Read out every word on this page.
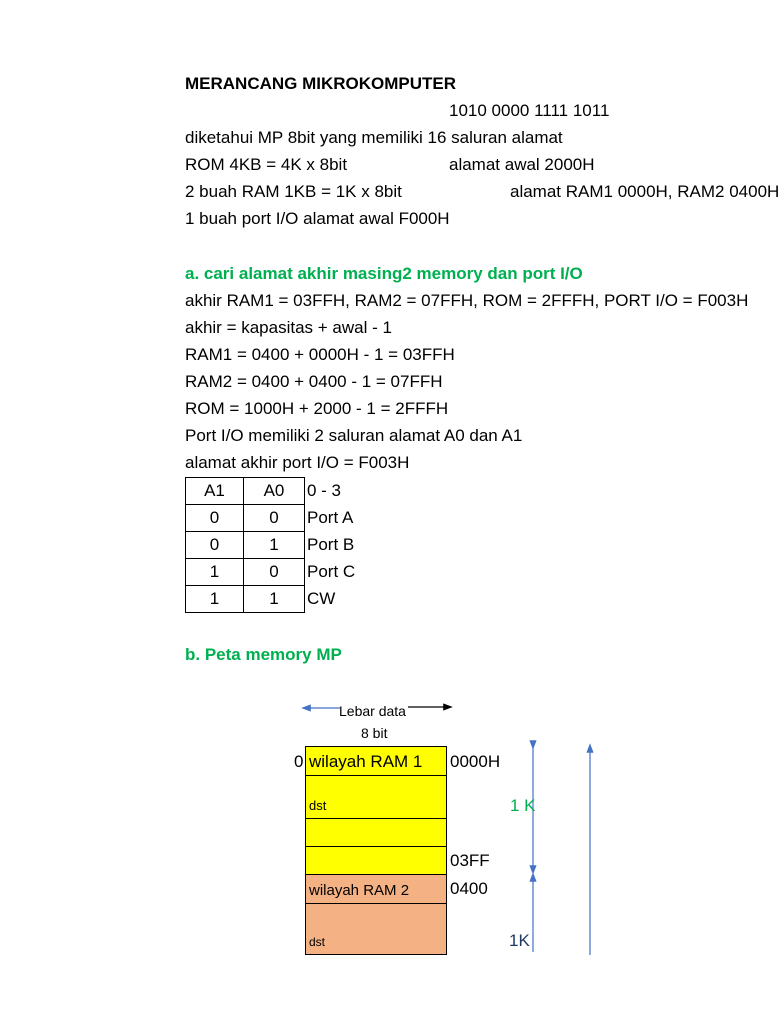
MERANCANG MIKROKOMPUTER
1010 0000 1111 1011
diketahui MP 8bit yang memiliki 16 saluran alamat
ROM 4KB = 4K x 8bit	alamat awal 2000H
2 buah RAM 1KB = 1K x 8bit	alamat RAM1 0000H, RAM2 0400H
1 buah port I/O alamat awal F000H
a. cari alamat akhir masing2 memory dan port I/O
akhir RAM1 = 03FFH, RAM2 = 07FFH, ROM = 2FFFH, PORT I/O = F003H
akhir = kapasitas + awal - 1
RAM1 = 0400 + 0000H - 1 = 03FFH
RAM2 = 0400 + 0400 - 1 = 07FFH
ROM = 1000H + 2000 - 1 = 2FFFH
Port I/O memiliki 2 saluran alamat A0 dan A1
alamat akhir port I/O = F003H
A1	A0	0 - 3
0	0	Port A
0	1	Port B
1	0	Port C
1	1	CW
b. Peta memory MP
Lebar data
8 bit
0 wilayah RAM 1
dst
wilayah RAM 2
dst
0000H
03FF
0400
1 K
1K
